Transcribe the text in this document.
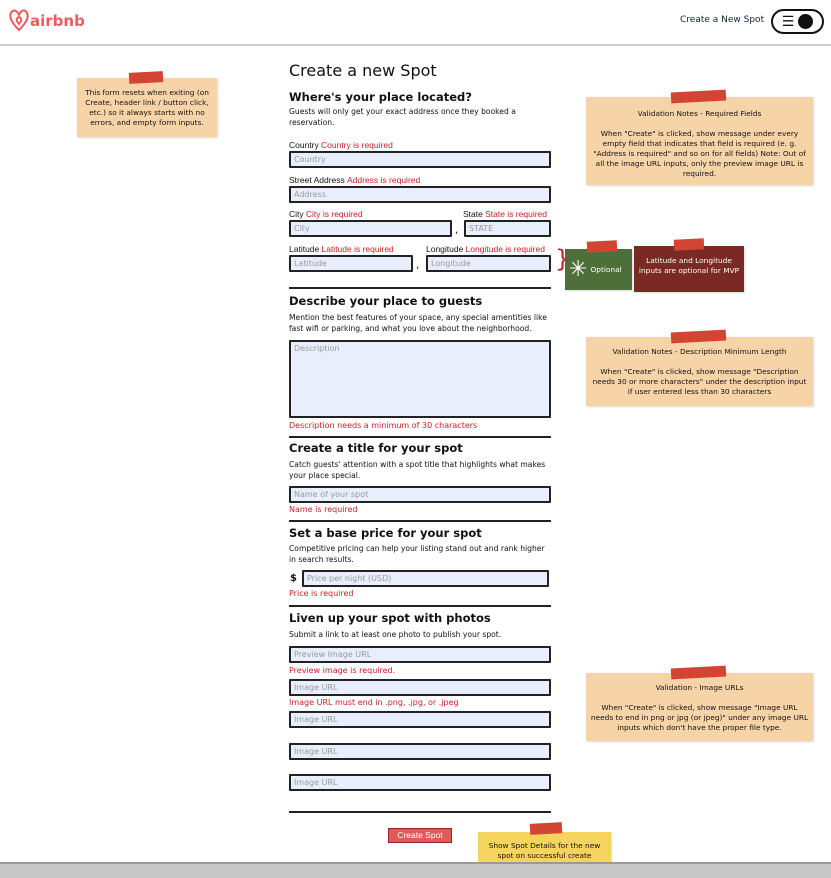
airbnb	Create a New Spot ☰
This form resets when exiting (on Create, header link / button click, etc.) so it always starts with no errors, and empty form inputs.
Validation Notes - Required Fields
When "Create" is clicked, show message under every empty field that indicates that field is required (e. g. "Address is required" and so on for all fields) Note: Out of all the image URL inputs, only the preview image URL is required.
✳ Optional
Latitude and Longitude inputs are optional for MVP
Validation Notes - Description Minimum Length
When "Create" is clicked, show message "Description needs 30 or more characters" under the description input if user entered less than 30 characters
Validation - Image URLs
When "Create" is clicked, show message "Image URL needs to end in png or jpg (or jpeg)" under any image URL inputs which don't have the proper file type.
Show Spot Details for the new spot on successful create
Create a new Spot
Where's your place located?

Guests will only get your exact address once they booked a reservation.

Country Country is required
Country
Street Address Address is required
Address
City City is required
City	,
State State is required
STATE
Latitude Latitude is required
Latitude	,
Longitude Longitude is required
Longitude	}
Describe your place to guests

Mention the best features of your space, any special amentities like fast wifi or parking, and what you love about the neighborhood.

Description
Description needs a minimum of 30 characters
Create a title for your spot

Catch guests' attention with a spot title that highlights what makes your place special.

Name of your spot
Name is required
Set a base price for your spot

Competitive pricing can help your listing stand out and rank higher in search results.

$	Price per night (USD)
Price is required
Liven up your spot with photos

Submit a link to at least one photo to publish your spot.

Preview Image URL
Preview image is required.
Image URL
Image URL must end in .png, .jpg, or .jpeg
Image URL
Image URL
Image URL
Create Spot
